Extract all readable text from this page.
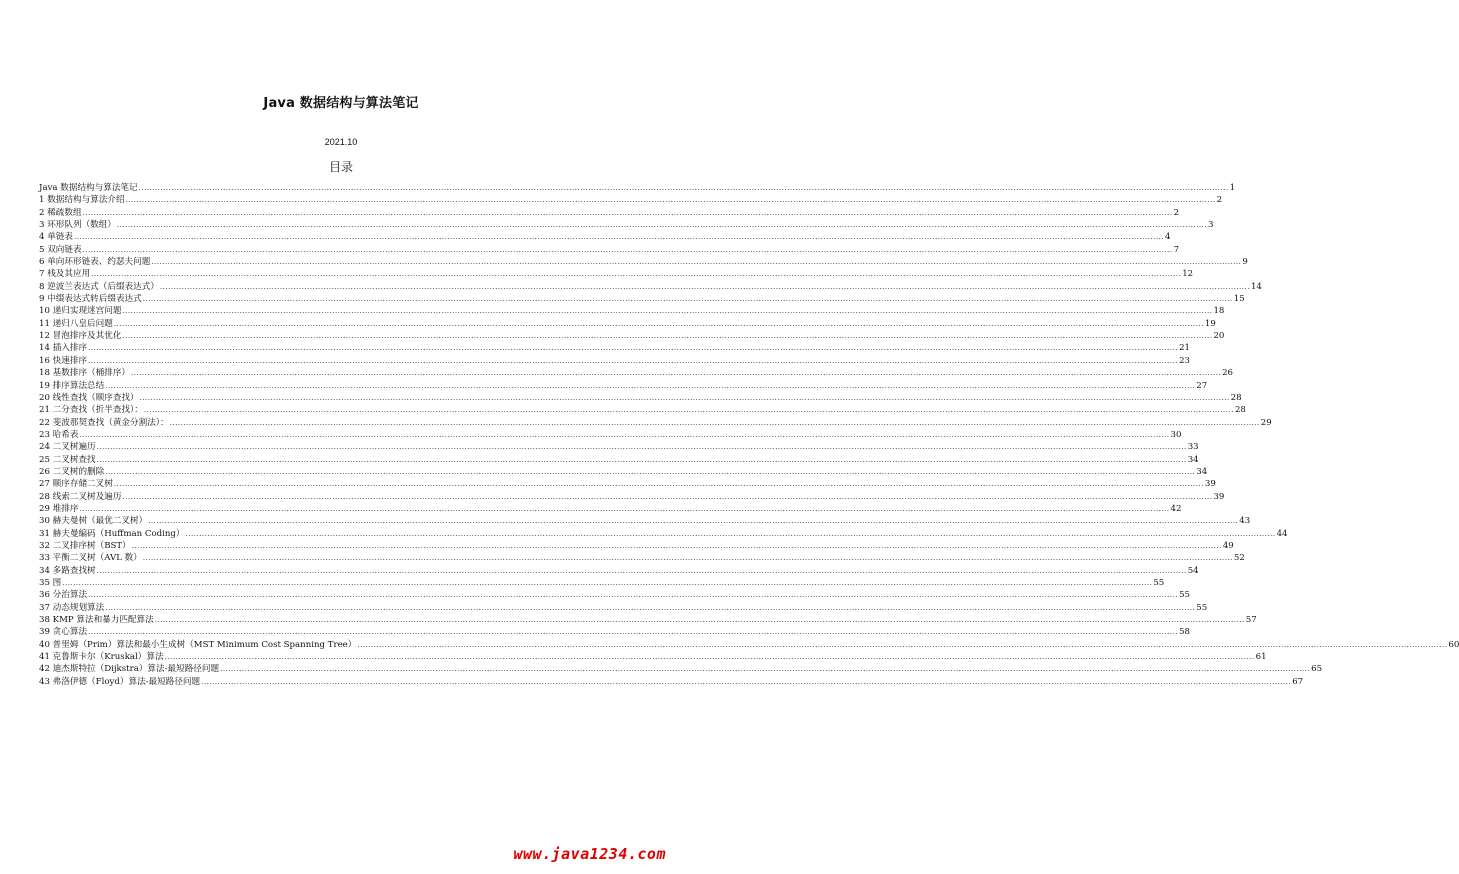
Java 数据结构与算法笔记
2021.10
目录
Java 数据结构与算法笔记 ................................................................................................................................................................................................................................................................................................................................................................................................................ 1
1 数据结构与算法介绍 ................................................................................................................................................................................................................................................................................................................................................................................................................ 2
2 稀疏数组 ................................................................................................................................................................................................................................................................................................................................................................................................................ 2
3 环形队列（数组） ................................................................................................................................................................................................................................................................................................................................................................................................................ 3
4 单链表 ................................................................................................................................................................................................................................................................................................................................................................................................................ 4
5 双向链表 ................................................................................................................................................................................................................................................................................................................................................................................................................ 7
6 单向环形链表、约瑟夫问题 ................................................................................................................................................................................................................................................................................................................................................................................................................ 9
7 栈及其应用 ................................................................................................................................................................................................................................................................................................................................................................................................................ 12
8 逆波兰表达式（后缀表达式） ................................................................................................................................................................................................................................................................................................................................................................................................................ 14
9 中缀表达式转后缀表达式 ................................................................................................................................................................................................................................................................................................................................................................................................................ 15
10 递归实现迷宫问题 ................................................................................................................................................................................................................................................................................................................................................................................................................ 18
11 递归八皇后问题 ................................................................................................................................................................................................................................................................................................................................................................................................................ 19
12 冒泡排序及其优化 ................................................................................................................................................................................................................................................................................................................................................................................................................ 20
14 插入排序 ................................................................................................................................................................................................................................................................................................................................................................................................................ 21
16 快速排序 ................................................................................................................................................................................................................................................................................................................................................................................................................ 23
18 基数排序（桶排序） ................................................................................................................................................................................................................................................................................................................................................................................................................ 26
19 排序算法总结 ................................................................................................................................................................................................................................................................................................................................................................................................................ 27
20 线性查找（顺序查找） ................................................................................................................................................................................................................................................................................................................................................................................................................ 28
21 二分查找（折半查找）： ................................................................................................................................................................................................................................................................................................................................................................................................................ 28
22 斐波那契查找（黄金分割法）： ................................................................................................................................................................................................................................................................................................................................................................................................................ 29
23 哈希表 ................................................................................................................................................................................................................................................................................................................................................................................................................ 30
24 二叉树遍历 ................................................................................................................................................................................................................................................................................................................................................................................................................ 33
25 二叉树查找 ................................................................................................................................................................................................................................................................................................................................................................................................................ 34
26 二叉树的删除 ................................................................................................................................................................................................................................................................................................................................................................................................................ 34
27 顺序存储二叉树 ................................................................................................................................................................................................................................................................................................................................................................................................................ 39
28 线索二叉树及遍历 ................................................................................................................................................................................................................................................................................................................................................................................................................ 39
29 堆排序 ................................................................................................................................................................................................................................................................................................................................................................................................................ 42
30 赫夫曼树（最优二叉树） ................................................................................................................................................................................................................................................................................................................................................................................................................ 43
31 赫夫曼编码（Huffman Coding） ................................................................................................................................................................................................................................................................................................................................................................................................................ 44
32 二叉排序树（BST） ................................................................................................................................................................................................................................................................................................................................................................................................................ 49
33 平衡二叉树（AVL 数） ................................................................................................................................................................................................................................................................................................................................................................................................................ 52
34 多路查找树 ................................................................................................................................................................................................................................................................................................................................................................................................................ 54
35 图 ................................................................................................................................................................................................................................................................................................................................................................................................................ 55
36 分治算法 ................................................................................................................................................................................................................................................................................................................................................................................................................ 55
37 动态规划算法 ................................................................................................................................................................................................................................................................................................................................................................................................................ 55
38 KMP 算法和暴力匹配算法 ................................................................................................................................................................................................................................................................................................................................................................................................................ 57
39 贪心算法 ................................................................................................................................................................................................................................................................................................................................................................................................................ 58
40 普里姆（Prim）算法和最小生成树（MST Minimum Cost Spanning Tree） ................................................................................................................................................................................................................................................................................................................................................................................................................ 60
41 克鲁斯卡尔（Kruskal）算法 ................................................................................................................................................................................................................................................................................................................................................................................................................ 61
42 迪杰斯特拉（Dijkstra）算法-最短路径问题 ................................................................................................................................................................................................................................................................................................................................................................................................................ 65
43 弗洛伊德（Floyd）算法-最短路径问题 ................................................................................................................................................................................................................................................................................................................................................................................................................ 67
www.java1234.com
